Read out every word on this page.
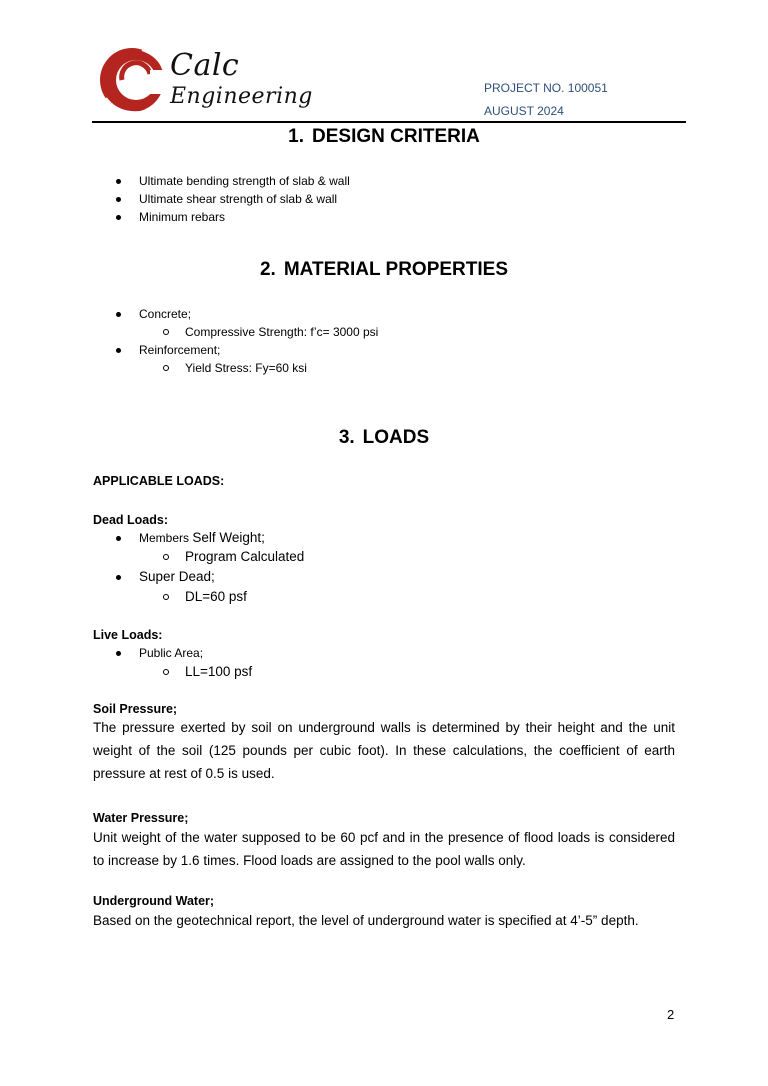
Calc
Engineering	PROJECT NO. 100051
AUGUST 2024
1. DESIGN CRITERIA
Ultimate bending strength of slab & wall
Ultimate shear strength of slab & wall
Minimum rebars
2. MATERIAL PROPERTIES
Concrete;
Compressive Strength: f’c= 3000 psi
Reinforcement;
Yield Stress: Fy=60 ksi
3. LOADS
APPLICABLE LOADS:
Dead Loads:
Members Self Weight;
Program Calculated
Super Dead;
DL=60 psf
Live Loads:
Public Area;
LL=100 psf
Soil Pressure;
The pressure exerted by soil on underground walls is determined by their height and the unit weight of the soil (125 pounds per cubic foot). In these calculations, the coefficient of earth pressure at rest of 0.5 is used.
Water Pressure;
Unit weight of the water supposed to be 60 pcf and in the presence of flood loads is considered to increase by 1.6 times. Flood loads are assigned to the pool walls only.
Underground Water;
Based on the geotechnical report, the level of underground water is specified at 4’-5” depth.
2
